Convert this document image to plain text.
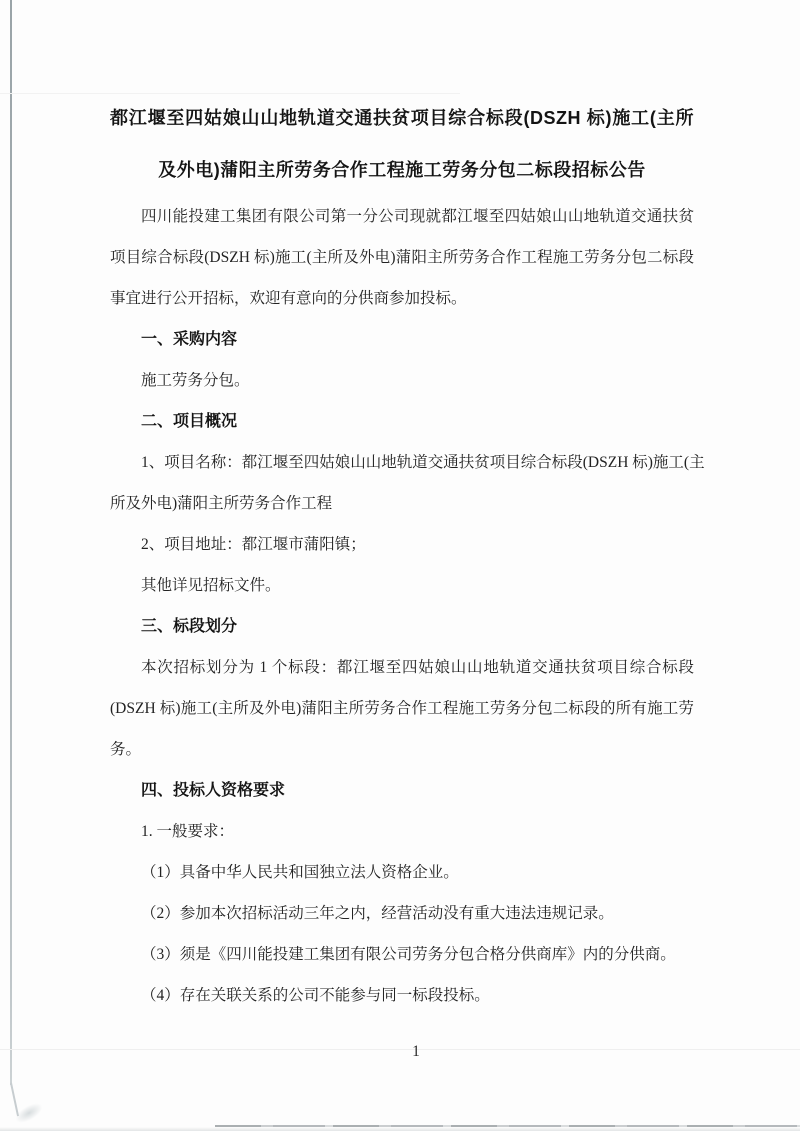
都江堰至四姑娘山山地轨道交通扶贫项目综合标段(DSZH 标)施工(主所
及外电)蒲阳主所劳务合作工程施工劳务分包二标段招标公告
四川能投建工集团有限公司第一分公司现就都江堰至四姑娘山山地轨道交通扶贫
项目综合标段(DSZH 标)施工(主所及外电)蒲阳主所劳务合作工程施工劳务分包二标段
事宜进行公开招标，欢迎有意向的分供商参加投标。
一、采购内容
施工劳务分包。
二、项目概况
1、项目名称：都江堰至四姑娘山山地轨道交通扶贫项目综合标段(DSZH 标)施工(主
所及外电)蒲阳主所劳务合作工程
2、项目地址：都江堰市蒲阳镇；
其他详见招标文件。
三、标段划分
本次招标划分为 1 个标段：都江堰至四姑娘山山地轨道交通扶贫项目综合标段
(DSZH 标)施工(主所及外电)蒲阳主所劳务合作工程施工劳务分包二标段的所有施工劳
务。
四、投标人资格要求
1. 一般要求：
（1）具备中华人民共和国独立法人资格企业。
（2）参加本次招标活动三年之内，经营活动没有重大违法违规记录。
（3）须是《四川能投建工集团有限公司劳务分包合格分供商库》内的分供商。
（4）存在关联关系的公司不能参与同一标段投标。
1
